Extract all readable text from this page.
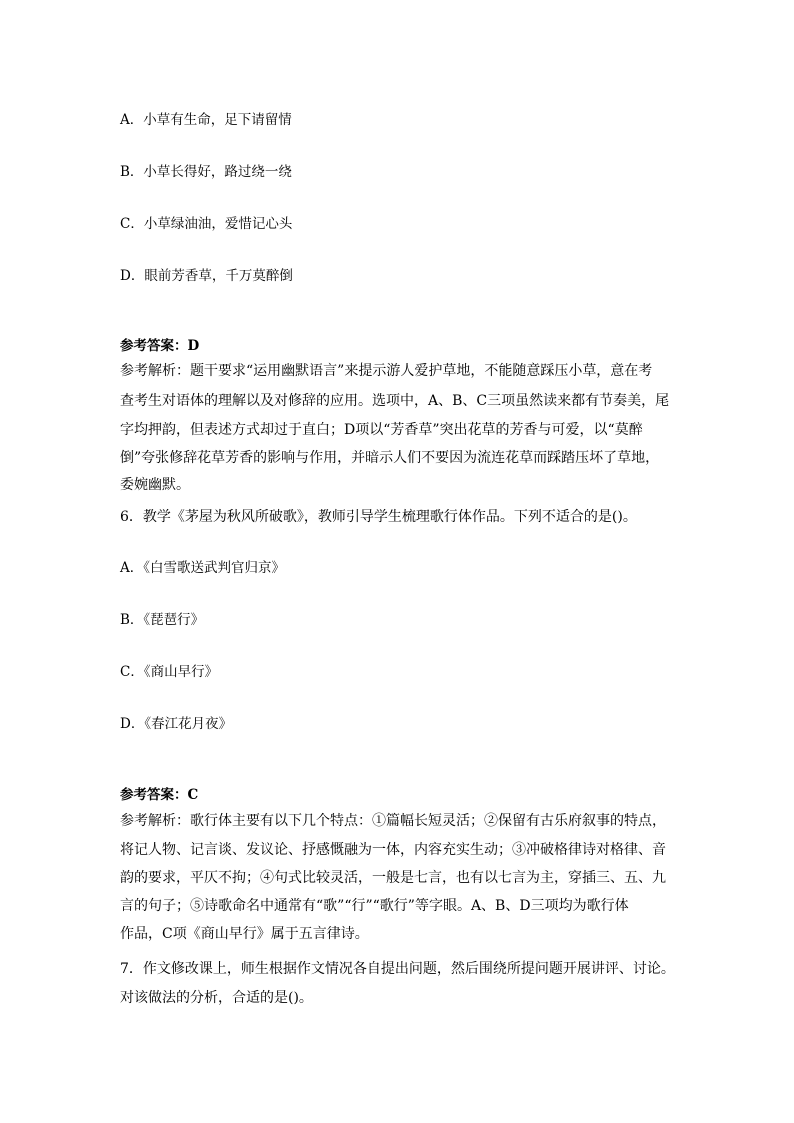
A．小草有生命，足下请留情
B．小草长得好，路过绕一绕
C．小草绿油油，爱惜记心头
D．眼前芳香草，千万莫醉倒
参考答案：D
参考解析：题干要求“运用幽默语言”来提示游人爱护草地，不能随意踩压小草，意在考
查考生对语体的理解以及对修辞的应用。选项中，A、B、C三项虽然读来都有节奏美，尾
字均押韵，但表述方式却过于直白；D项以“芳香草”突出花草的芳香与可爱，以“莫醉
倒”夸张修辞花草芳香的影响与作用，并暗示人们不要因为流连花草而踩踏压坏了草地，
委婉幽默。
6．教学《茅屋为秋风所破歌》，教师引导学生梳理歌行体作品。下列不适合的是()。
A．《白雪歌送武判官归京》
B．《琵琶行》
C．《商山早行》
D．《春江花月夜》
参考答案：C
参考解析：歌行体主要有以下几个特点：①篇幅长短灵活；②保留有古乐府叙事的特点，
将记人物、记言谈、发议论、抒感慨融为一体，内容充实生动；③冲破格律诗对格律、音
韵的要求，平仄不拘；④句式比较灵活，一般是七言，也有以七言为主，穿插三、五、九
言的句子；⑤诗歌命名中通常有“歌”“行”“歌行”等字眼。A、B、D三项均为歌行体
作品，C项《商山早行》属于五言律诗。
7．作文修改课上，师生根据作文情况各自提出问题，然后围绕所提问题开展讲评、讨论。
对该做法的分析，合适的是()。
